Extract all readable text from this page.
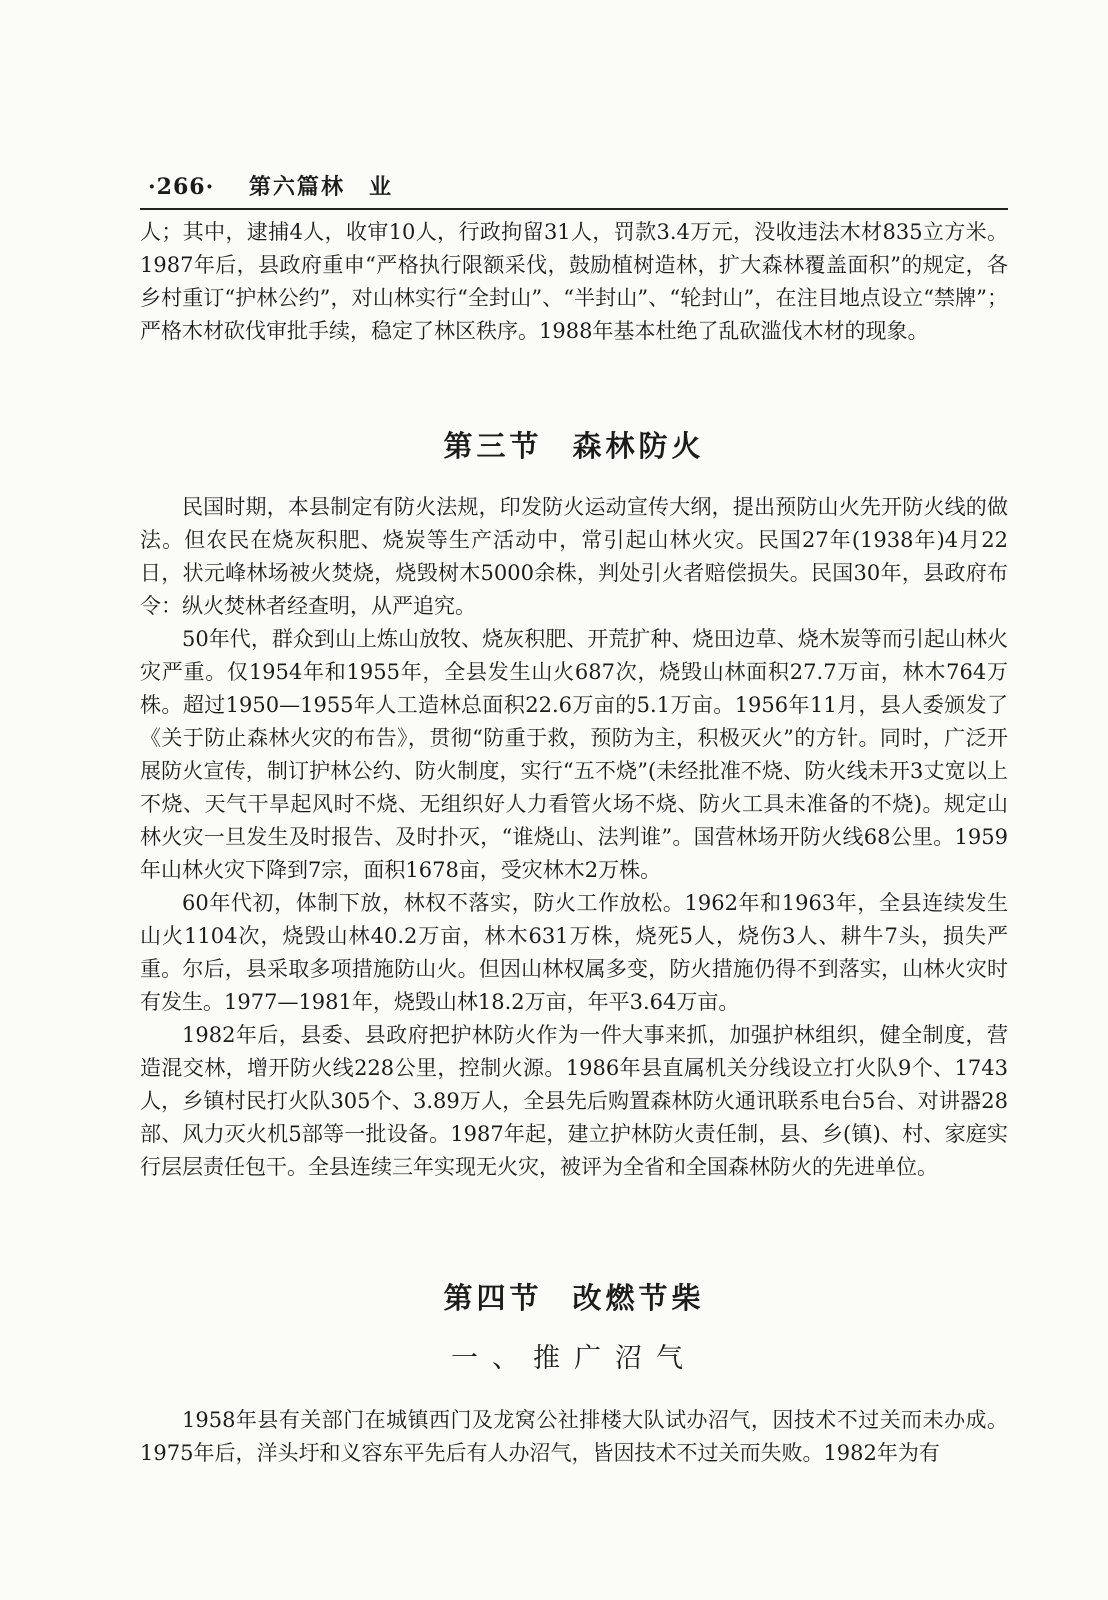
·266· 第六篇林　业

人；其中，逮捕4人，收审10人，行政拘留31人，罚款3.4万元，没收违法木材835立方米。1987年后，县政府重申“严格执行限额采伐，鼓励植树造林，扩大森林覆盖面积”的规定，各乡村重订“护林公约”，对山林实行“全封山”、“半封山”、“轮封山”，在注目地点设立“禁牌”；严格木材砍伐审批手续，稳定了林区秩序。1988年基本杜绝了乱砍滥伐木材的现象。

第三节 森林防火

民国时期，本县制定有防火法规，印发防火运动宣传大纲，提出预防山火先开防火线的做法。但农民在烧灰积肥、烧炭等生产活动中，常引起山林火灾。民国27年(1938年)4月22日，状元峰林场被火焚烧，烧毁树木5000余株，判处引火者赔偿损失。民国30年，县政府布令：纵火焚林者经查明，从严追究。

50年代，群众到山上炼山放牧、烧灰积肥、开荒扩种、烧田边草、烧木炭等而引起山林火灾严重。仅1954年和1955年，全县发生山火687次，烧毁山林面积27.7万亩，林木764万株。超过1950—1955年人工造林总面积22.6万亩的5.1万亩。1956年11月，县人委颁发了《关于防止森林火灾的布告》，贯彻“防重于救，预防为主，积极灭火”的方针。同时，广泛开展防火宣传，制订护林公约、防火制度，实行“五不烧”(未经批准不烧、防火线未开3丈宽以上不烧、天气干旱起风时不烧、无组织好人力看管火场不烧、防火工具未准备的不烧)。规定山林火灾一旦发生及时报告、及时扑灭，“谁烧山、法判谁”。国营林场开防火线68公里。1959年山林火灾下降到7宗，面积1678亩，受灾林木2万株。

60年代初，体制下放，林权不落实，防火工作放松。1962年和1963年，全县连续发生山火1104次，烧毁山林40.2万亩，林木631万株，烧死5人，烧伤3人、耕牛7头，损失严重。尔后，县采取多项措施防山火。但因山林权属多变，防火措施仍得不到落实，山林火灾时有发生。1977—1981年，烧毁山林18.2万亩，年平3.64万亩。

1982年后，县委、县政府把护林防火作为一件大事来抓，加强护林组织，健全制度，营造混交林，增开防火线228公里，控制火源。1986年县直属机关分线设立打火队9个、1743人，乡镇村民打火队305个、3.89万人，全县先后购置森林防火通讯联系电台5台、对讲器28部、风力灭火机5部等一批设备。1987年起，建立护林防火责任制，县、乡(镇)、村、家庭实行层层责任包干。全县连续三年实现无火灾，被评为全省和全国森林防火的先进单位。

第四节 改燃节柴
一、推广沼气

1958年县有关部门在城镇西门及龙窝公社排楼大队试办沼气，因技术不过关而未办成。1975年后，洋头圩和义容东平先后有人办沼气，皆因技术不过关而失败。1982年为有
